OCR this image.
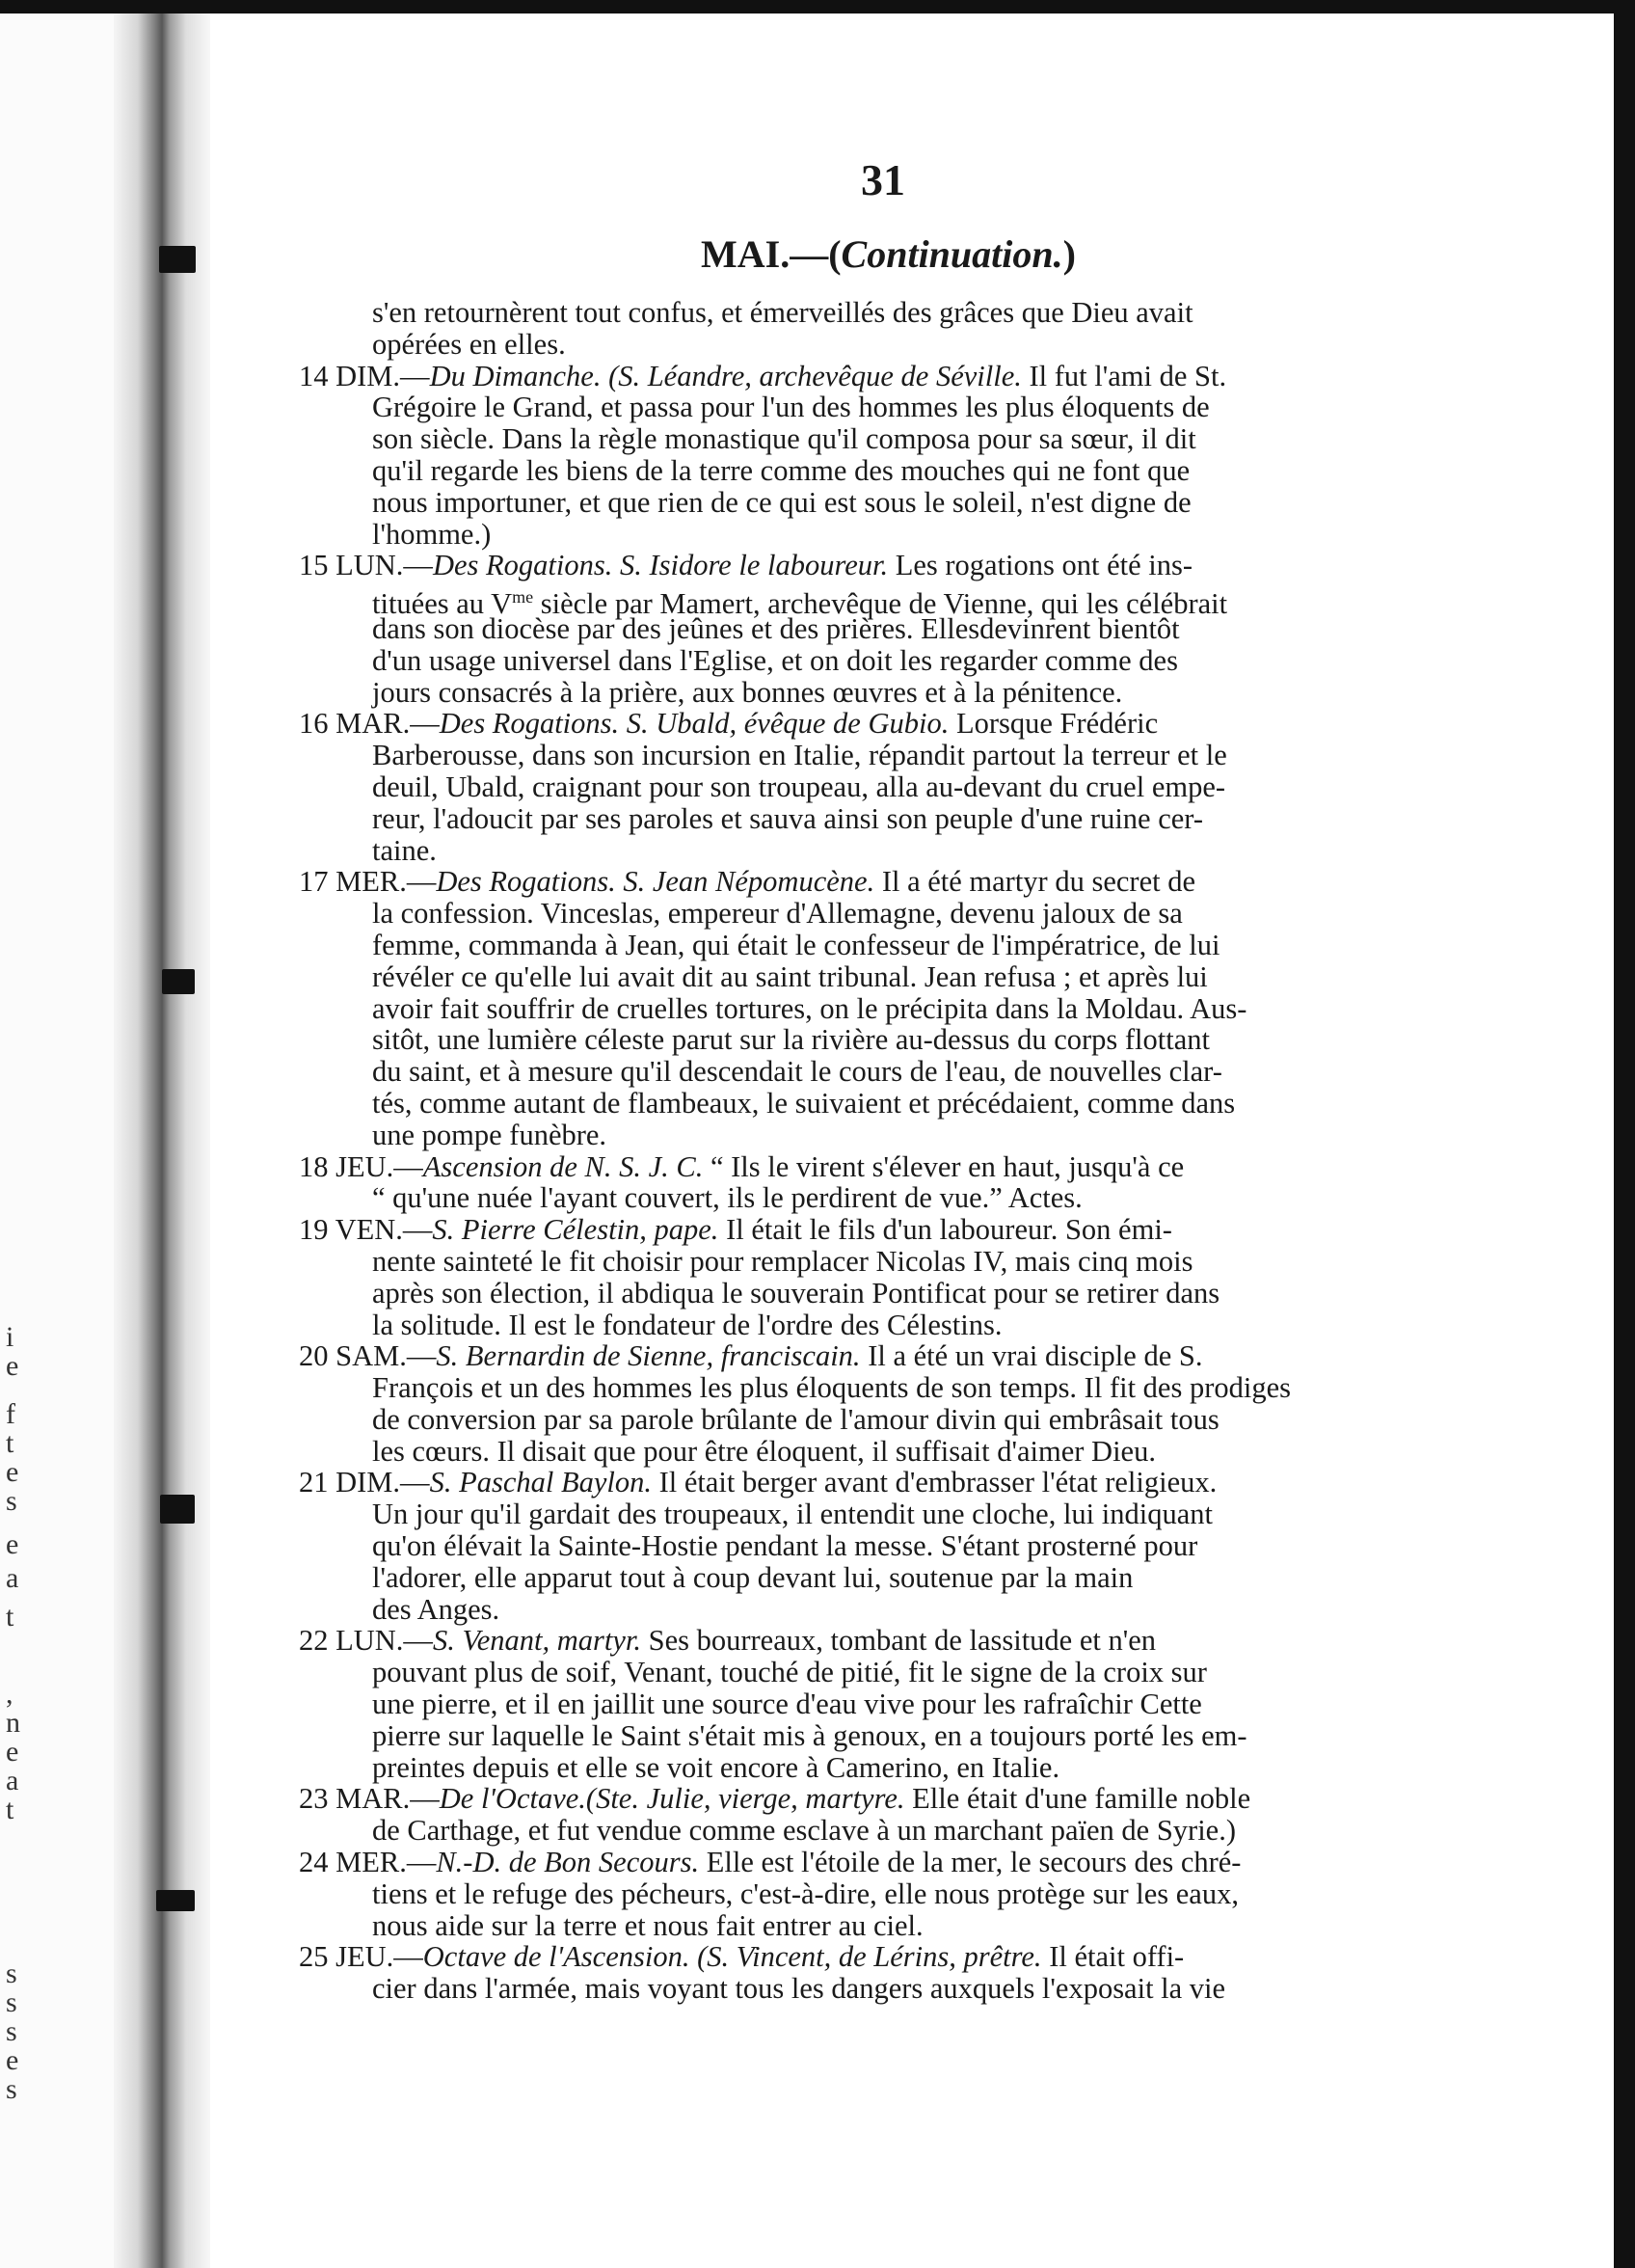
i
e
f
t
e
s
e
a
t
,
n
e
a
t
s
s
s
e
s
31
MAI.—(Continuation.)
s'en retournèrent tout confus, et émerveillés des grâces que Dieu avait
opérées en elles.
14 DIM.—Du Dimanche. (S. Léandre, archevêque de Séville. Il fut l'ami de St.
Grégoire le Grand, et passa pour l'un des hommes les plus éloquents de
son siècle. Dans la règle monastique qu'il composa pour sa sœur, il dit
qu'il regarde les biens de la terre comme des mouches qui ne font que
nous importuner, et que rien de ce qui est sous le soleil, n'est digne de
l'homme.)
15 LUN.—Des Rogations. S. Isidore le laboureur. Les rogations ont été ins-
tituées au $V^{me}$ siècle par Mamert, archevêque de Vienne, qui les célébrait
dans son diocèse par des jeûnes et des prières. Ellesdevinrent bientôt
d'un usage universel dans l'Eglise, et on doit les regarder comme des
jours consacrés à la prière, aux bonnes œuvres et à la pénitence.
16 MAR.—Des Rogations. S. Ubald, évêque de Gubio. Lorsque Frédéric
Barberousse, dans son incursion en Italie, répandit partout la terreur et le
deuil, Ubald, craignant pour son troupeau, alla au-devant du cruel empe-
reur, l'adoucit par ses paroles et sauva ainsi son peuple d'une ruine cer-
taine.
17 MER.—Des Rogations. S. Jean Népomucène. Il a été martyr du secret de
la confession. Vinceslas, empereur d'Allemagne, devenu jaloux de sa
femme, commanda à Jean, qui était le confesseur de l'impératrice, de lui
révéler ce qu'elle lui avait dit au saint tribunal. Jean refusa ; et après lui
avoir fait souffrir de cruelles tortures, on le précipita dans la Moldau. Aus-
sitôt, une lumière céleste parut sur la rivière au-dessus du corps flottant
du saint, et à mesure qu'il descendait le cours de l'eau, de nouvelles clar-
tés, comme autant de flambeaux, le suivaient et précédaient, comme dans
une pompe funèbre.
18 JEU.—Ascension de N. S. J. C. “ Ils le virent s'élever en haut, jusqu'à ce
“ qu'une nuée l'ayant couvert, ils le perdirent de vue.” Actes.
19 VEN.—S. Pierre Célestin, pape. Il était le fils d'un laboureur. Son émi-
nente sainteté le fit choisir pour remplacer Nicolas IV, mais cinq mois
après son élection, il abdiqua le souverain Pontificat pour se retirer dans
la solitude. Il est le fondateur de l'ordre des Célestins.
20 SAM.—S. Bernardin de Sienne, franciscain. Il a été un vrai disciple de S.
François et un des hommes les plus éloquents de son temps. Il fit des prodiges
de conversion par sa parole brûlante de l'amour divin qui embrâsait tous
les cœurs. Il disait que pour être éloquent, il suffisait d'aimer Dieu.
21 DIM.—S. Paschal Baylon. Il était berger avant d'embrasser l'état religieux.
Un jour qu'il gardait des troupeaux, il entendit une cloche, lui indiquant
qu'on élévait la Sainte-Hostie pendant la messe. S'étant prosterné pour
l'adorer, elle apparut tout à coup devant lui, soutenue par la main
des Anges.
22 LUN.—S. Venant, martyr. Ses bourreaux, tombant de lassitude et n'en
pouvant plus de soif, Venant, touché de pitié, fit le signe de la croix sur
une pierre, et il en jaillit une source d'eau vive pour les rafraîchir Cette
pierre sur laquelle le Saint s'était mis à genoux, en a toujours porté les em-
preintes depuis et elle se voit encore à Camerino, en Italie.
23 MAR.—De l'Octave.(Ste. Julie, vierge, martyre. Elle était d'une famille noble
de Carthage, et fut vendue comme esclave à un marchant païen de Syrie.)
24 MER.—N.-D. de Bon Secours. Elle est l'étoile de la mer, le secours des chré-
tiens et le refuge des pécheurs, c'est-à-dire, elle nous protège sur les eaux,
nous aide sur la terre et nous fait entrer au ciel.
25 JEU.—Octave de l'Ascension. (S. Vincent, de Lérins, prêtre. Il était offi-
cier dans l'armée, mais voyant tous les dangers auxquels l'exposait la vie
